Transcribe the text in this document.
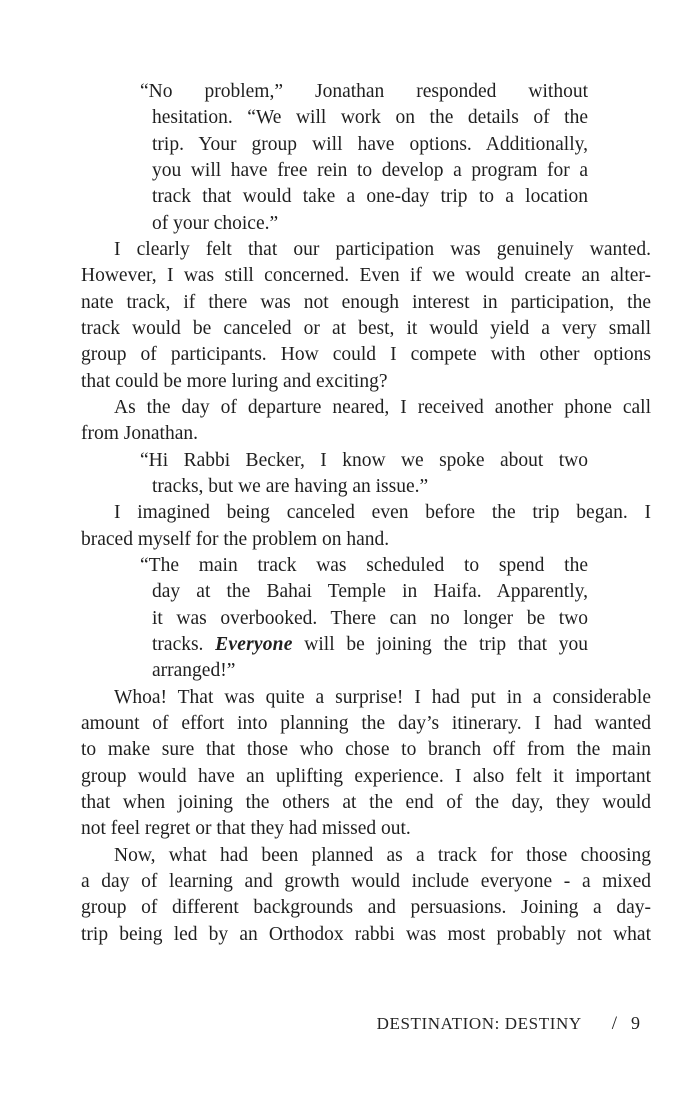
“No problem,” Jonathan responded without
hesitation. “We will work on the details of the
trip. Your group will have options. Additionally,
you will have free rein to develop a program for a
track that would take a one-day trip to a location
of your choice.”
I clearly felt that our participation was genuinely wanted.
However, I was still concerned. Even if we would create an alter-
nate track, if there was not enough interest in participation, the
track would be canceled or at best, it would yield a very small
group of participants. How could I compete with other options
that could be more luring and exciting?
As the day of departure neared, I received another phone call
from Jonathan.
“Hi Rabbi Becker, I know we spoke about two
tracks, but we are having an issue.”
I imagined being canceled even before the trip began. I
braced myself for the problem on hand.
“The main track was scheduled to spend the
day at the Bahai Temple in Haifa. Apparently,
it was overbooked. There can no longer be two
tracks. Everyone will be joining the trip that you
arranged!”
Whoa! That was quite a surprise! I had put in a considerable
amount of effort into planning the day’s itinerary. I had wanted
to make sure that those who chose to branch off from the main
group would have an uplifting experience. I also felt it important
that when joining the others at the end of the day, they would
not feel regret or that they had missed out.
Now, what had been planned as a track for those choosing
a day of learning and growth would include everyone - a mixed
group of different backgrounds and persuasions. Joining a day-
trip being led by an Orthodox rabbi was most probably not what
DESTINATION: DESTINY / 9
